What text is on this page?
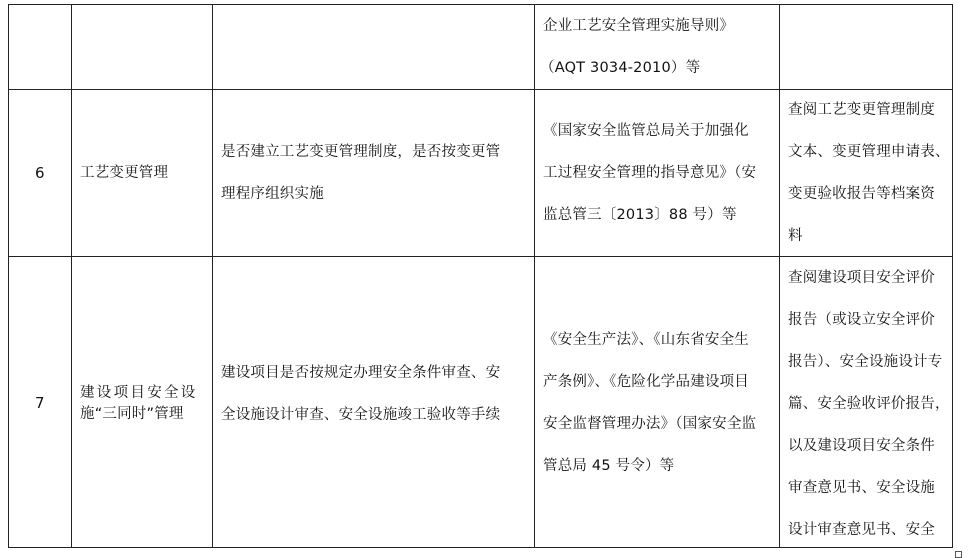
企业工艺安全管理实施导则》
（AQT 3034-2010）等
6 工艺变更管理
是否建立工艺变更管理制度，是否按变更管
理程序组织实施
《国家安全监管总局关于加强化
工过程安全管理的指导意见》（安
监总管三〔2013〕88 号）等
查阅工艺变更管理制度
文本、变更管理申请表、
变更验收报告等档案资
料
7
建设项目安全设
施“三同时”管理
建设项目是否按规定办理安全条件审查、安
全设施设计审查、安全设施竣工验收等手续
《安全生产法》、《山东省安全生
产条例》、《危险化学品建设项目
安全监督管理办法》（国家安全监
管总局 45 号令）等
查阅建设项目安全评价
报告（或设立安全评价
报告）、安全设施设计专
篇、安全验收评价报告，
以及建设项目安全条件
审查意见书、安全设施
设计审查意见书、安全
